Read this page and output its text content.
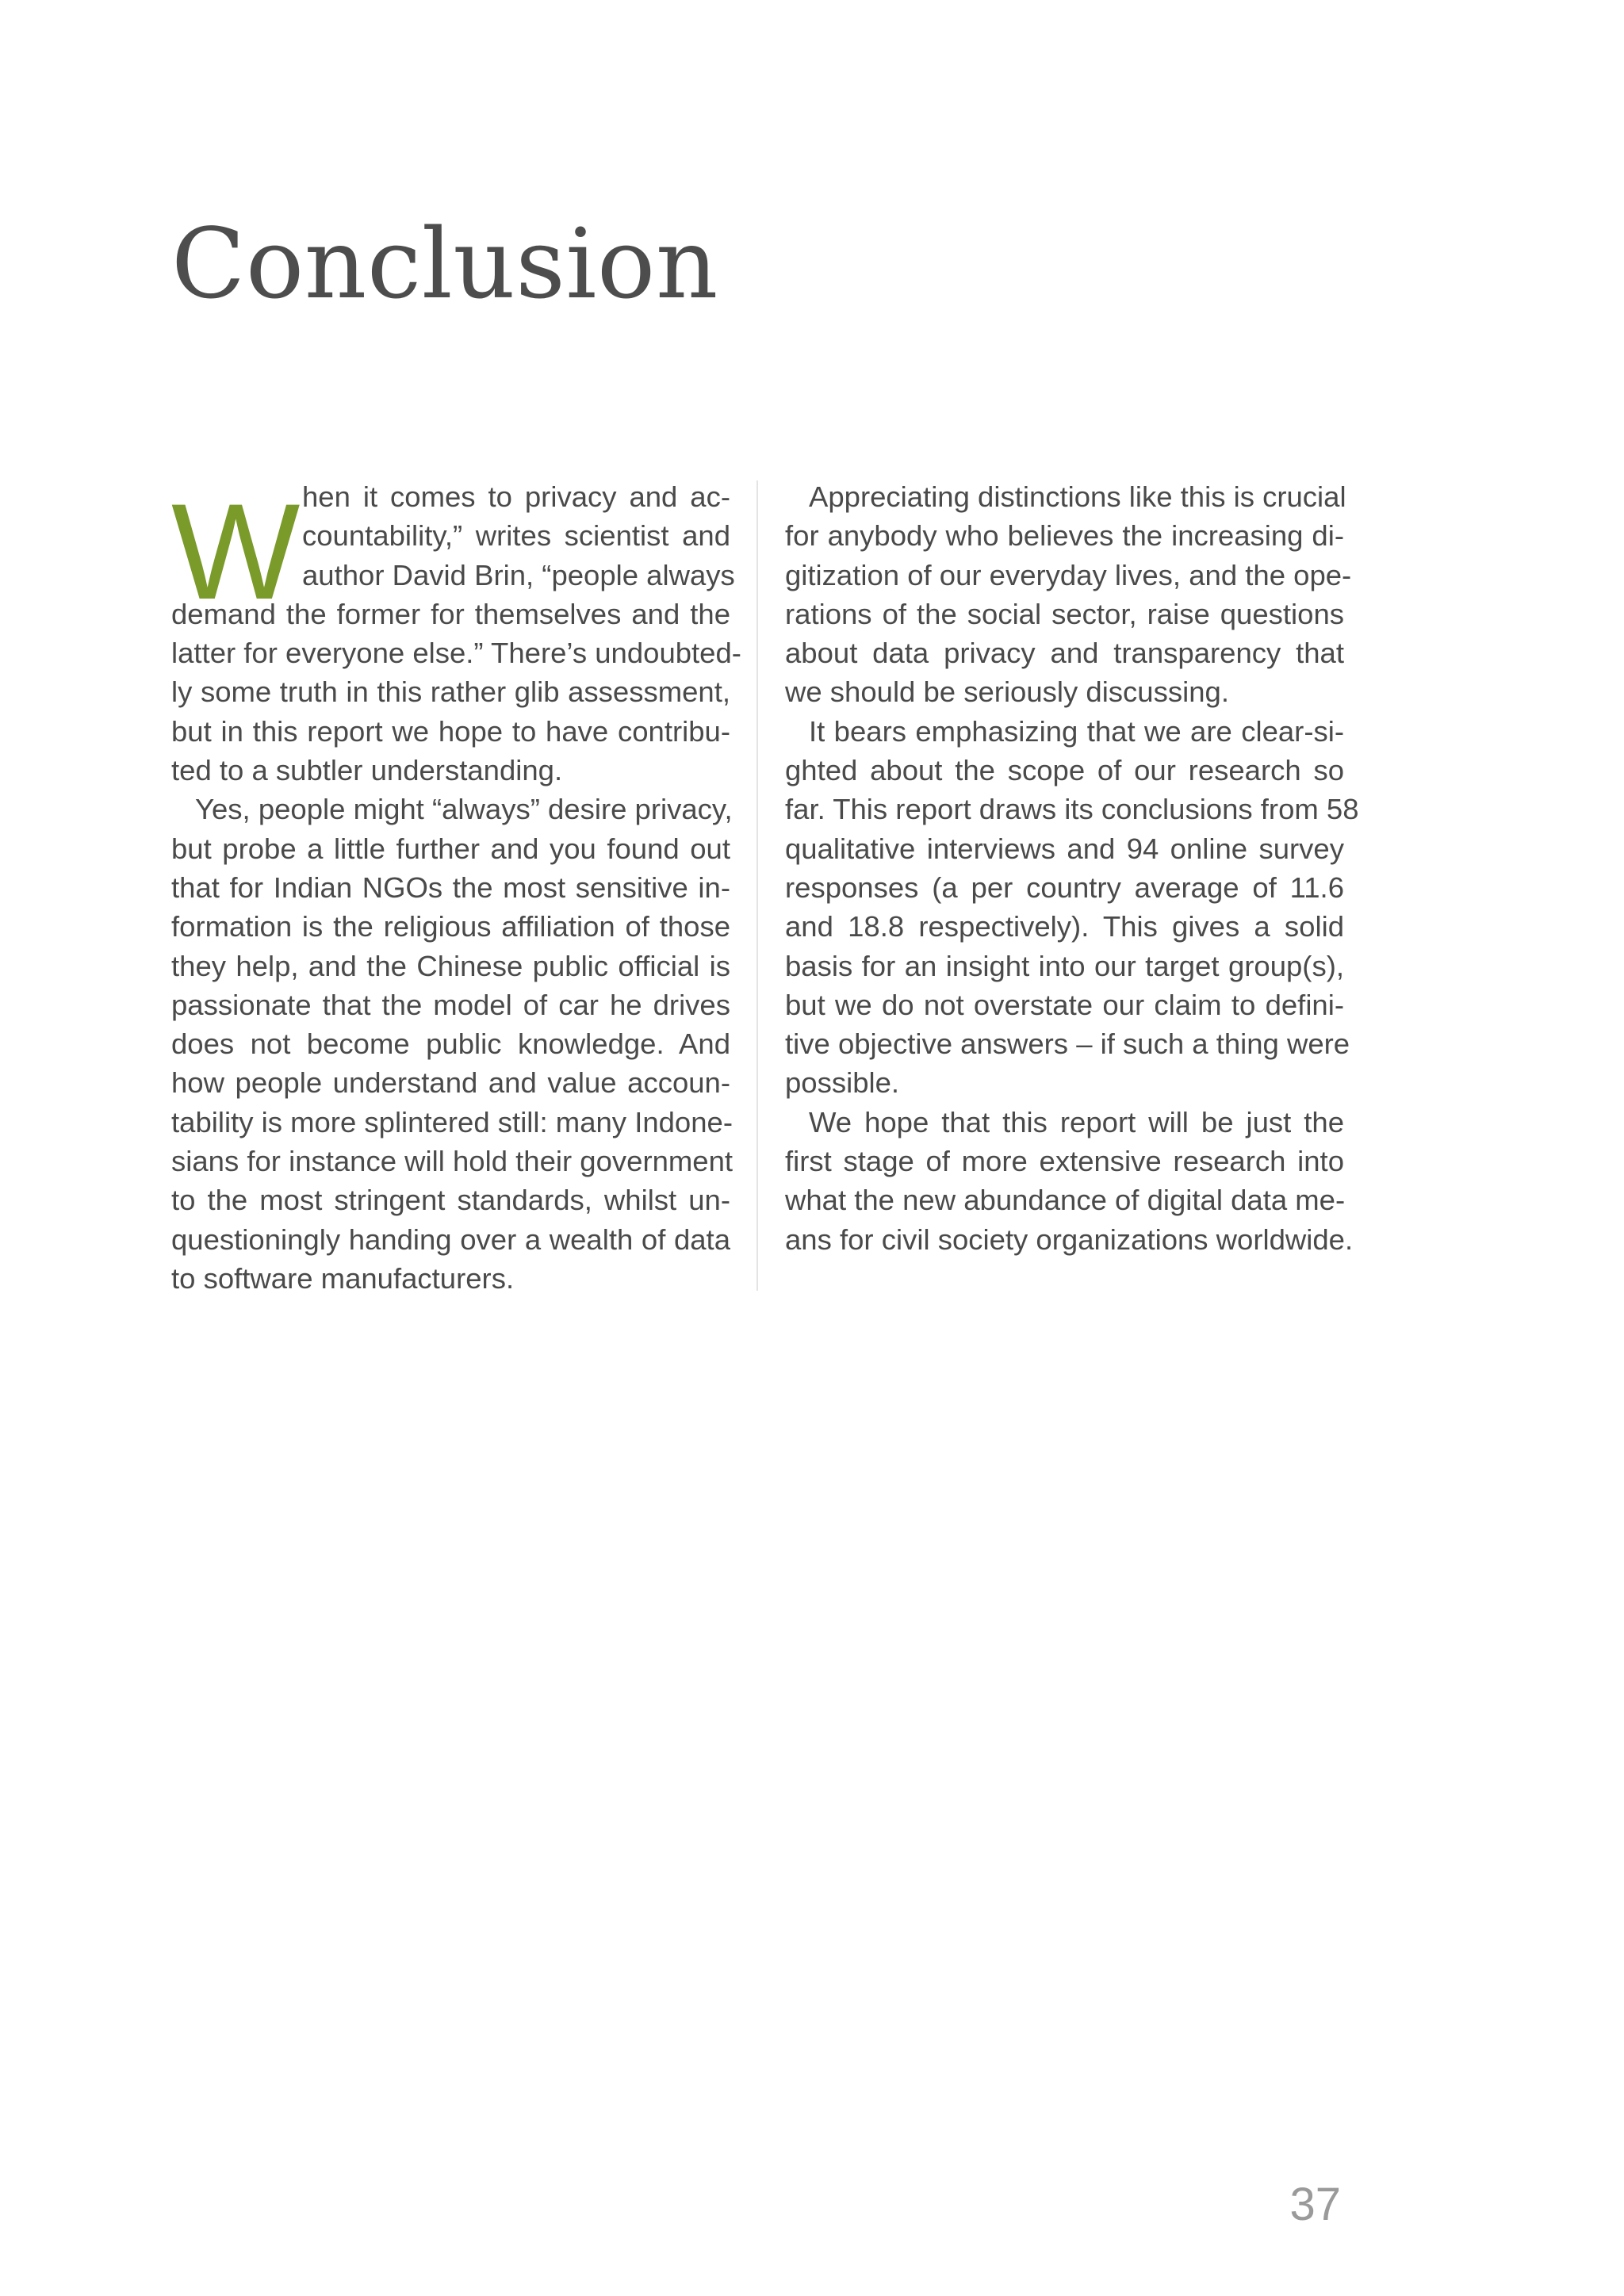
Conclusion
W hen it comes to privacy and ac-
countability,” writes scientist and
author David Brin, “people always
demand the former for themselves and the
latter for everyone else.” There’s undoubted-
ly some truth in this rather glib assessment,
but in this report we hope to have contribu-
ted to a subtler understanding.
Yes, people might “always” desire privacy,
but probe a little further and you found out
that for Indian NGOs the most sensitive in-
formation is the religious affiliation of those
they help, and the Chinese public official is
passionate that the model of car he drives
does not become public knowledge. And
how people understand and value accoun-
tability is more splintered still: many Indone-
sians for instance will hold their government
to the most stringent standards, whilst un-
questioningly handing over a wealth of data
to software manufacturers.
Appreciating distinctions like this is crucial
for anybody who believes the increasing di-
gitization of our everyday lives, and the ope-
rations of the social sector, raise questions
about data privacy and transparency that
we should be seriously discussing.
It bears emphasizing that we are clear-si-
ghted about the scope of our research so
far. This report draws its conclusions from 58
qualitative interviews and 94 online survey
responses (a per country average of 11.6
and 18.8 respectively). This gives a solid
basis for an insight into our target group(s),
but we do not overstate our claim to defini-
tive objective answers – if such a thing were
possible.
We hope that this report will be just the
first stage of more extensive research into
what the new abundance of digital data me-
ans for civil society organizations worldwide.
37
